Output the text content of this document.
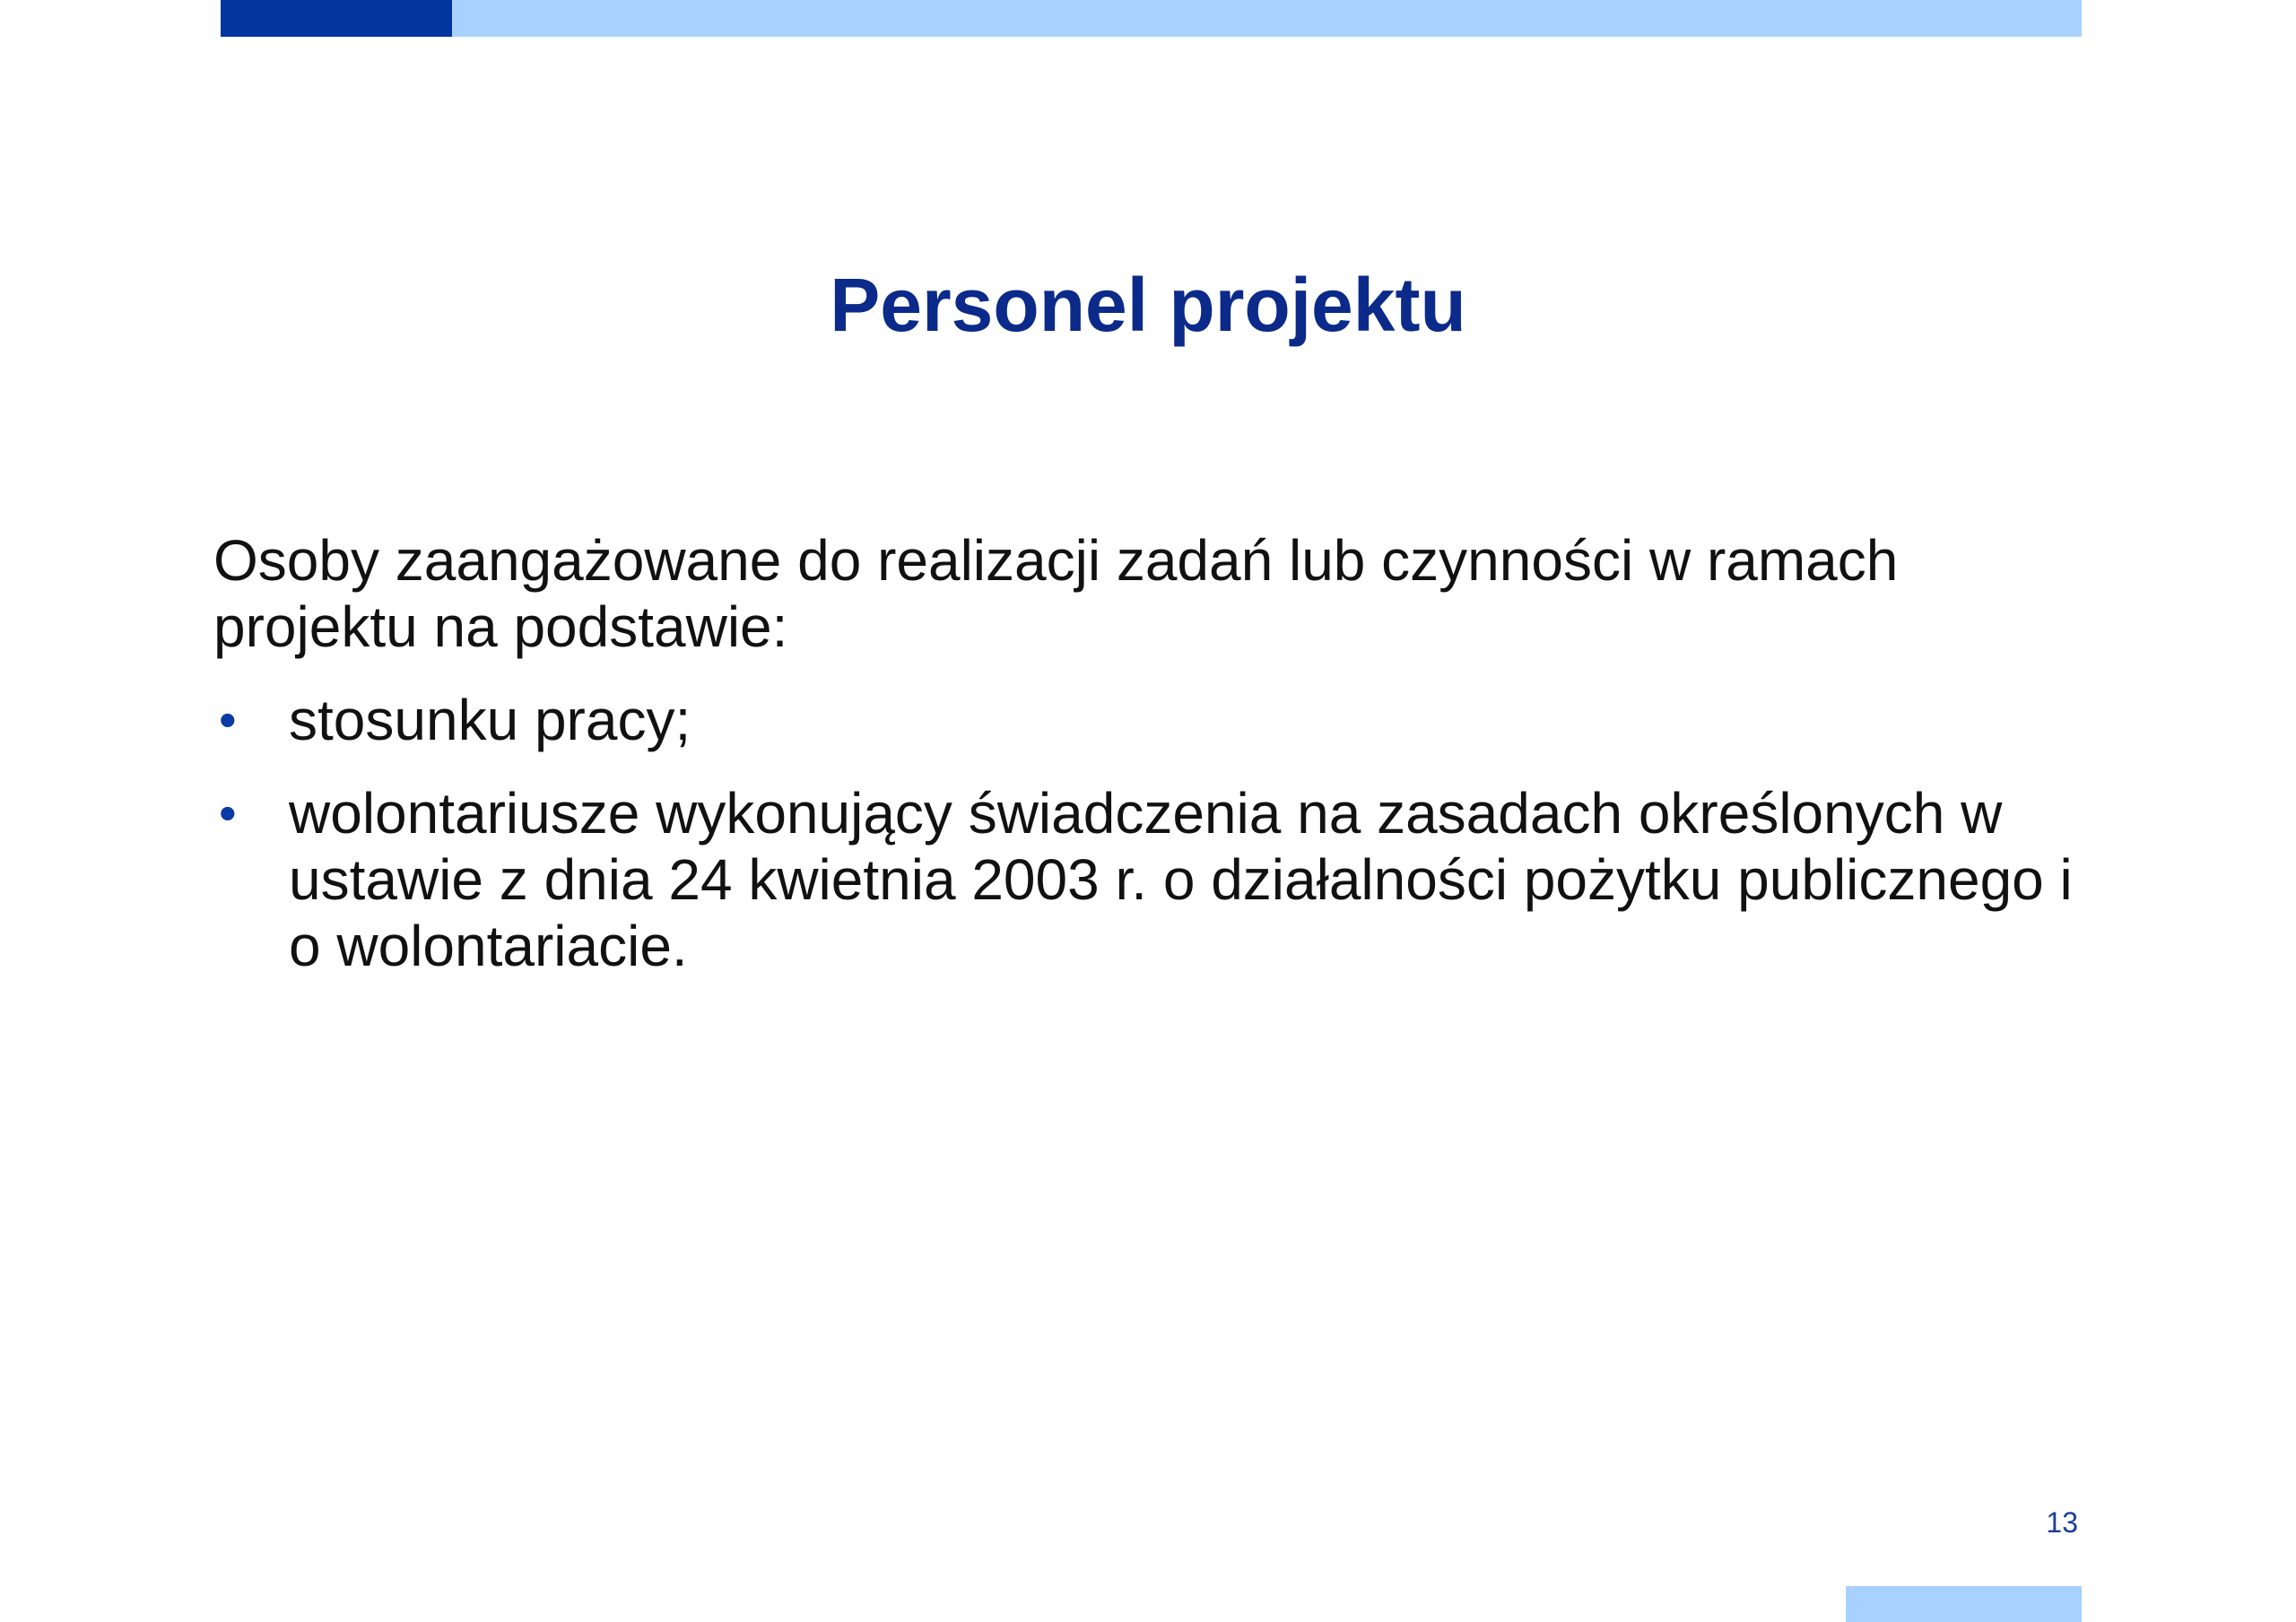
Personel projektu

Osoby zaangażowane do realizacji zadań lub czynności w ramach projektu na podstawie:

• stosunku pracy;
• wolontariusze wykonujący świadczenia na zasadach określonych w ustawie z dnia 24 kwietnia 2003 r. o działalności pożytku publicznego i o wolontariacie.
13
